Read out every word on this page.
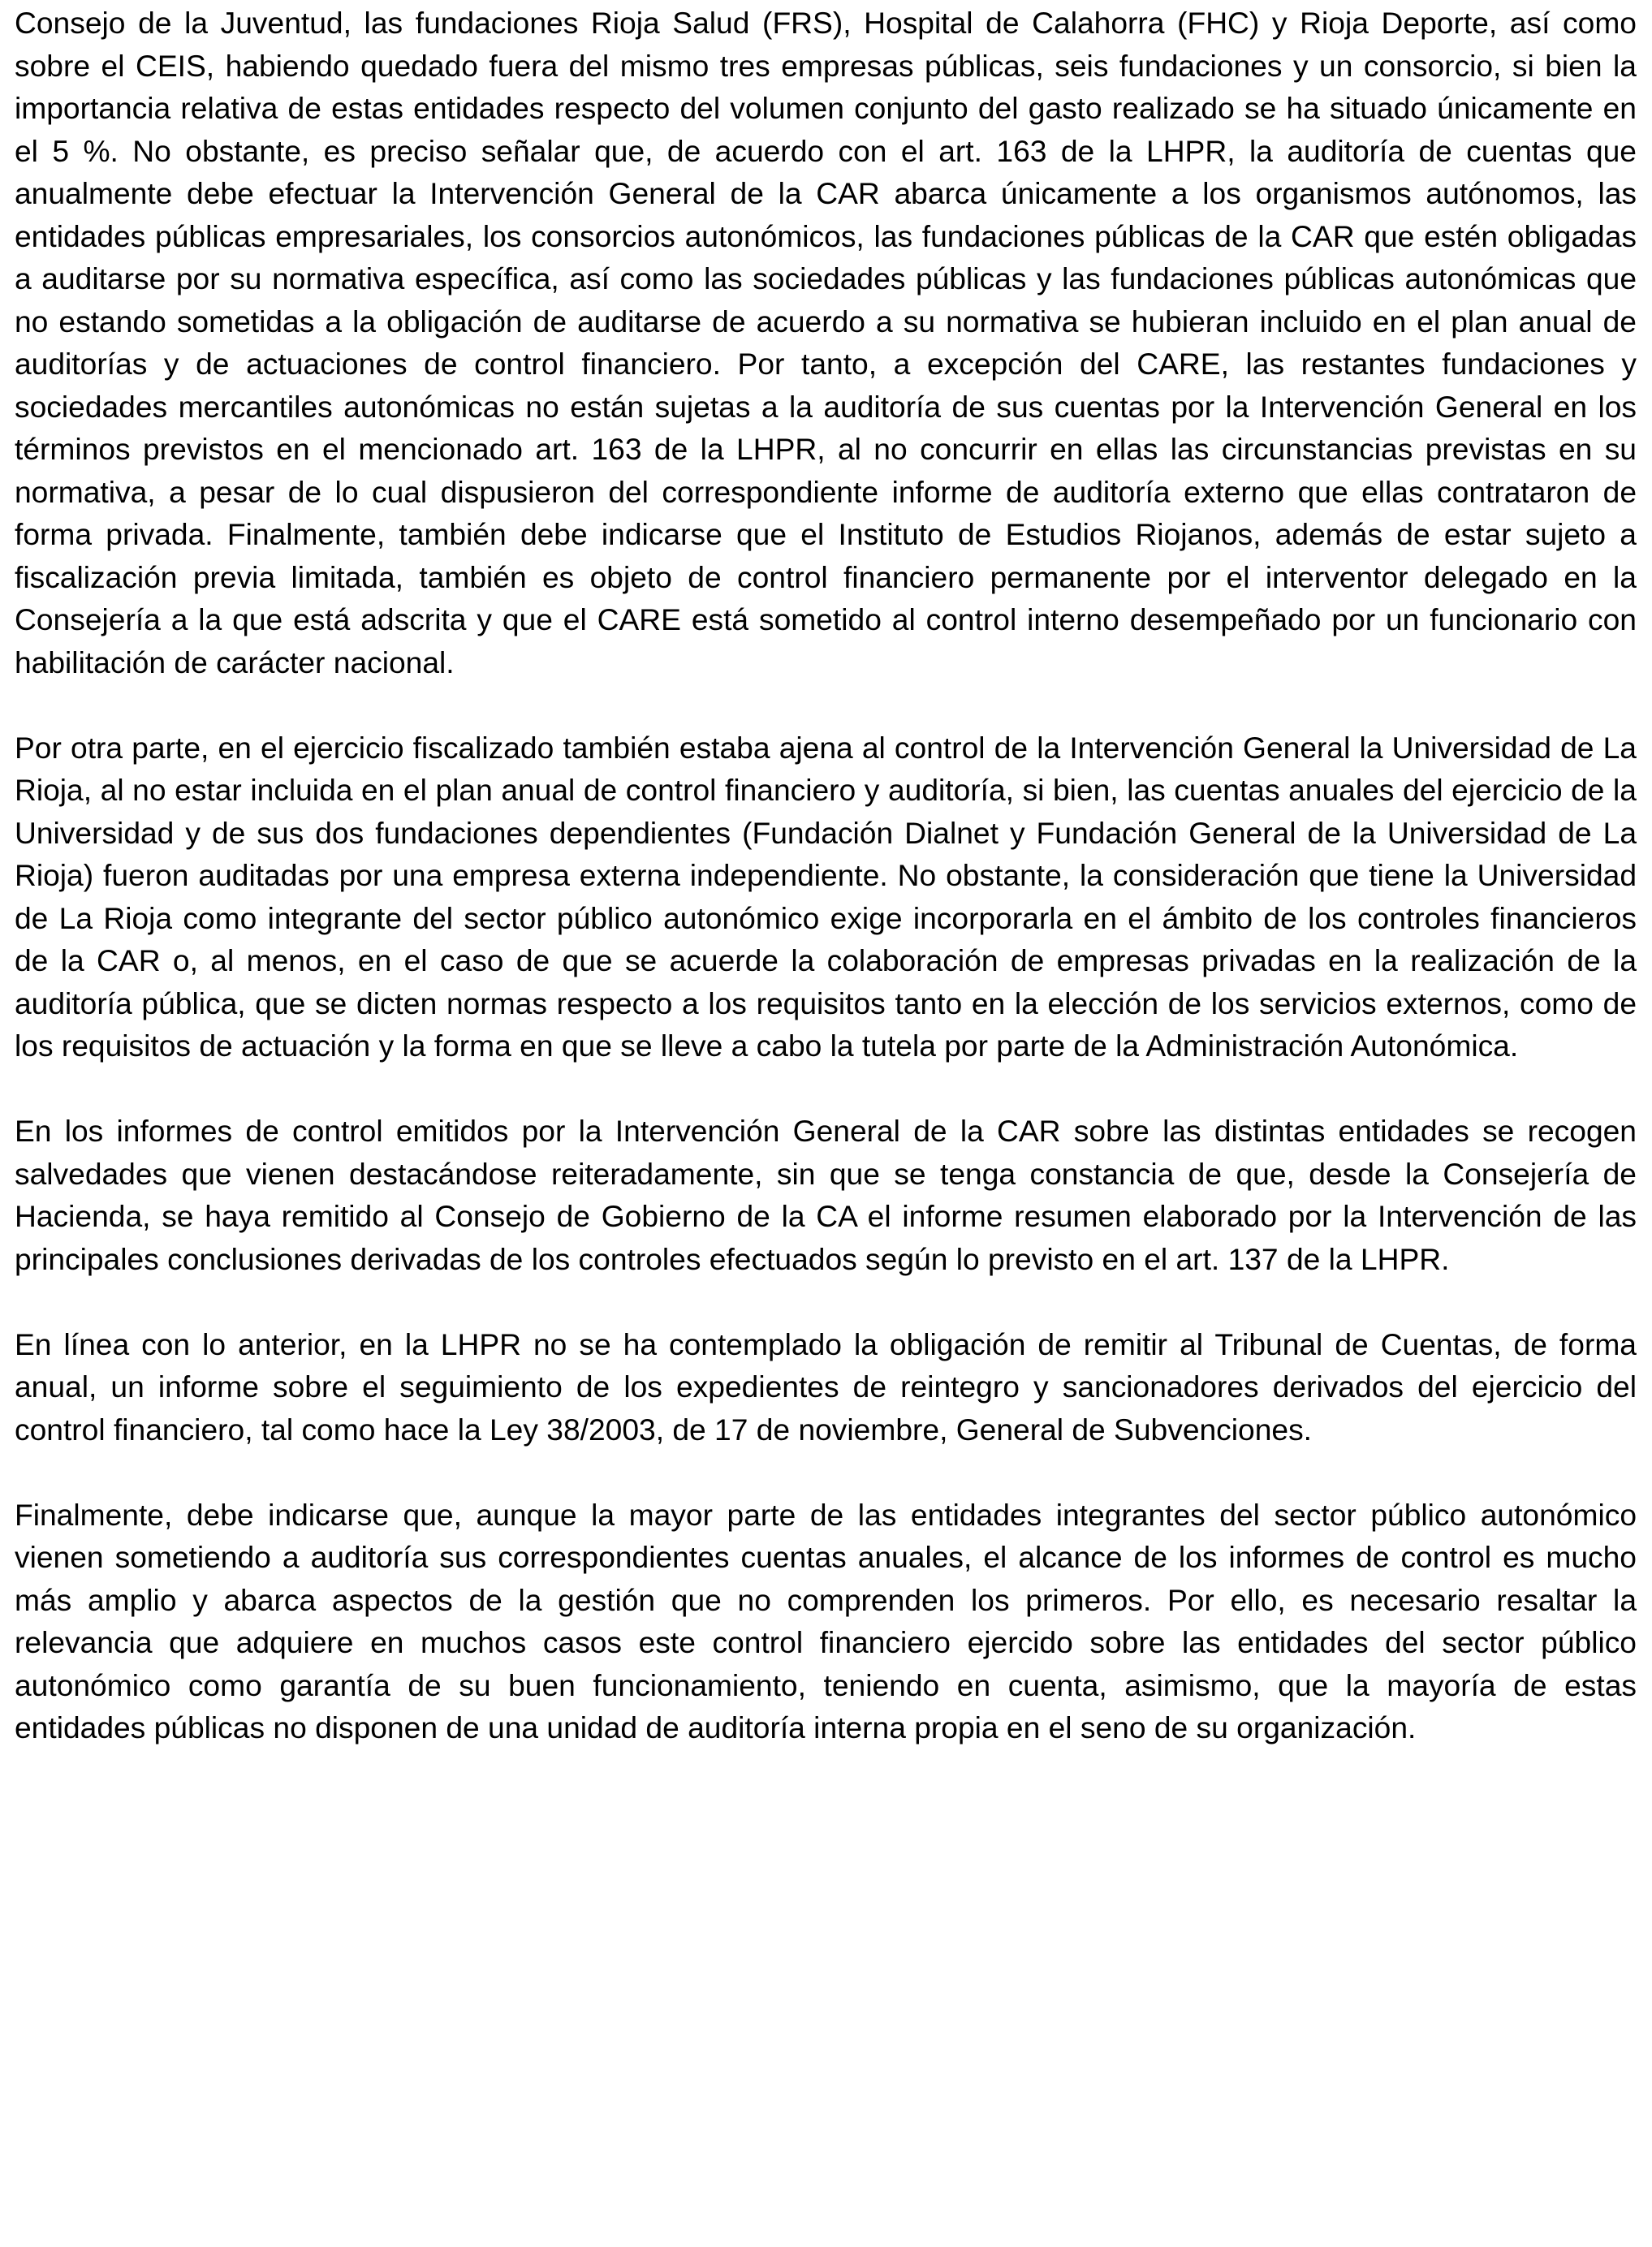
Consejo de la Juventud, las fundaciones Rioja Salud (FRS), Hospital de Calahorra (FHC) y Rioja Deporte, así como sobre el CEIS, habiendo quedado fuera del mismo tres empresas públicas, seis fundaciones y un consorcio, si bien la importancia relativa de estas entidades respecto del volumen conjunto del gasto realizado se ha situado únicamente en el 5 %. No obstante, es preciso señalar que, de acuerdo con el art. 163 de la LHPR, la auditoría de cuentas que anualmente debe efectuar la Intervención General de la CAR abarca únicamente a los organismos autónomos, las entidades públicas empresariales, los consorcios autonómicos, las fundaciones públicas de la CAR que estén obligadas a auditarse por su normativa específica, así como las sociedades públicas y las fundaciones públicas autonómicas que no estando sometidas a la obligación de auditarse de acuerdo a su normativa se hubieran incluido en el plan anual de auditorías y de actuaciones de control financiero. Por tanto, a excepción del CARE, las restantes fundaciones y sociedades mercantiles autonómicas no están sujetas a la auditoría de sus cuentas por la Intervención General en los términos previstos en el mencionado art. 163 de la LHPR, al no concurrir en ellas las circunstancias previstas en su normativa, a pesar de lo cual dispusieron del correspondiente informe de auditoría externo que ellas contrataron de forma privada. Finalmente, también debe indicarse que el Instituto de Estudios Riojanos, además de estar sujeto a fiscalización previa limitada, también es objeto de control financiero permanente por el interventor delegado en la Consejería a la que está adscrita y que el CARE está sometido al control interno desempeñado por un funcionario con habilitación de carácter nacional.

Por otra parte, en el ejercicio fiscalizado también estaba ajena al control de la Intervención General la Universidad de La Rioja, al no estar incluida en el plan anual de control financiero y auditoría, si bien, las cuentas anuales del ejercicio de la Universidad y de sus dos fundaciones dependientes (Fundación Dialnet y Fundación General de la Universidad de La Rioja) fueron auditadas por una empresa externa independiente. No obstante, la consideración que tiene la Universidad de La Rioja como integrante del sector público autonómico exige incorporarla en el ámbito de los controles financieros de la CAR o, al menos, en el caso de que se acuerde la colaboración de empresas privadas en la realización de la auditoría pública, que se dicten normas respecto a los requisitos tanto en la elección de los servicios externos, como de los requisitos de actuación y la forma en que se lleve a cabo la tutela por parte de la Administración Autonómica.

En los informes de control emitidos por la Intervención General de la CAR sobre las distintas entidades se recogen salvedades que vienen destacándose reiteradamente, sin que se tenga constancia de que, desde la Consejería de Hacienda, se haya remitido al Consejo de Gobierno de la CA el informe resumen elaborado por la Intervención de las principales conclusiones derivadas de los controles efectuados según lo previsto en el art. 137 de la LHPR.

En línea con lo anterior, en la LHPR no se ha contemplado la obligación de remitir al Tribunal de Cuentas, de forma anual, un informe sobre el seguimiento de los expedientes de reintegro y sancionadores derivados del ejercicio del control financiero, tal como hace la Ley 38/2003, de 17 de noviembre, General de Subvenciones.

Finalmente, debe indicarse que, aunque la mayor parte de las entidades integrantes del sector público autonómico vienen sometiendo a auditoría sus correspondientes cuentas anuales, el alcance de los informes de control es mucho más amplio y abarca aspectos de la gestión que no comprenden los primeros. Por ello, es necesario resaltar la relevancia que adquiere en muchos casos este control financiero ejercido sobre las entidades del sector público autonómico como garantía de su buen funcionamiento, teniendo en cuenta, asimismo, que la mayoría de estas entidades públicas no disponen de una unidad de auditoría interna propia en el seno de su organización.
